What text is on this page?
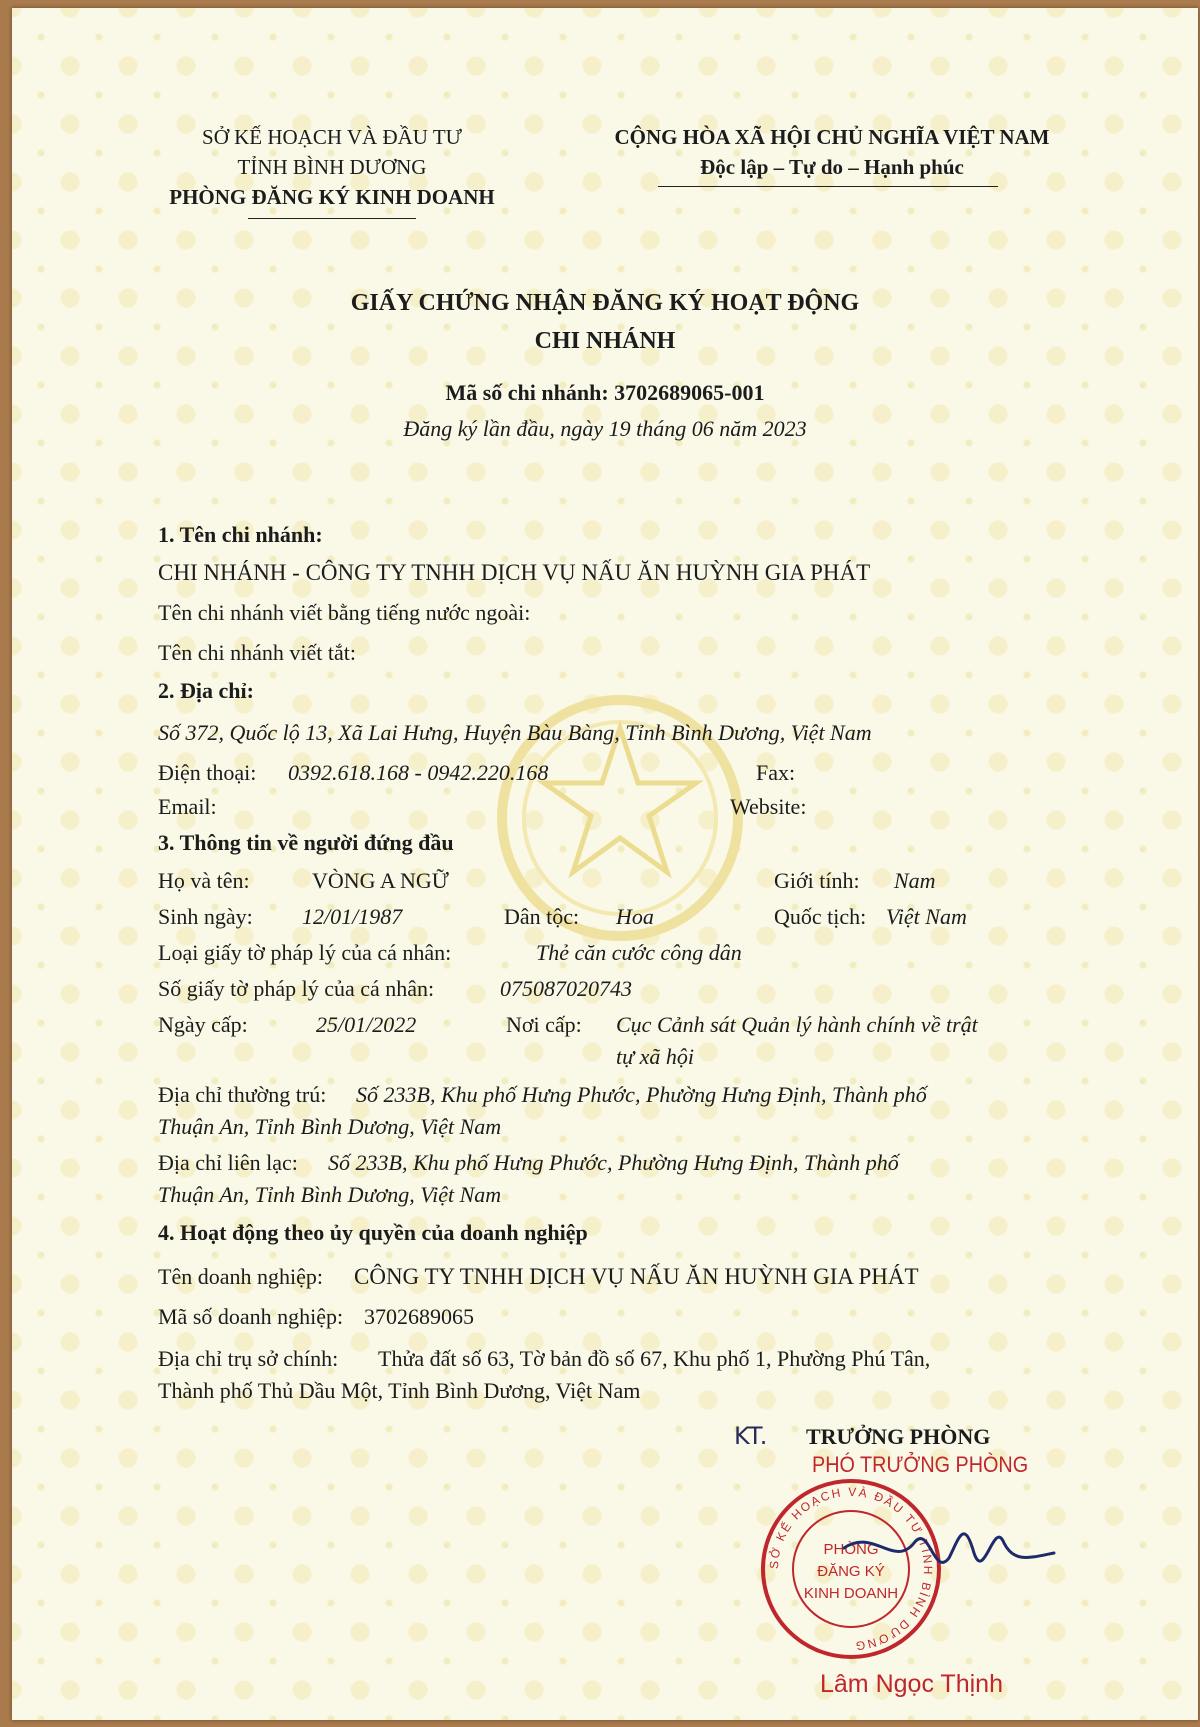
SỞ KẾ HOẠCH VÀ ĐẦU TƯ
TỈNH BÌNH DƯƠNG
PHÒNG ĐĂNG KÝ KINH DOANH
CỘNG HÒA XÃ HỘI CHỦ NGHĨA VIỆT NAM
Độc lập – Tự do – Hạnh phúc
GIẤY CHỨNG NHẬN ĐĂNG KÝ HOẠT ĐỘNG
CHI NHÁNH
Mã số chi nhánh: 3702689065-001
Đăng ký lần đầu, ngày 19 tháng 06 năm 2023
1. Tên chi nhánh:
CHI NHÁNH - CÔNG TY TNHH DỊCH VỤ NẤU ĂN HUỲNH GIA PHÁT
Tên chi nhánh viết bằng tiếng nước ngoài:
Tên chi nhánh viết tắt:
2. Địa chỉ:
Số 372, Quốc lộ 13, Xã Lai Hưng, Huyện Bàu Bàng, Tỉnh Bình Dương, Việt Nam
Điện thoại: 0392.618.168 - 0942.220.168	Fax:
Email:	Website:
3. Thông tin về người đứng đầu
Họ và tên:	VÒNG A NGỮ	Giới tính: Nam
Sinh ngày: 12/01/1987	Dân tộc: Hoa	Quốc tịch: Việt Nam
Loại giấy tờ pháp lý của cá nhân:	Thẻ căn cước công dân
Số giấy tờ pháp lý của cá nhân:	075087020743
Ngày cấp:	25/01/2022	Nơi cấp: Cục Cảnh sát Quản lý hành chính về trật
tự xã hội
Địa chỉ thường trú: Số 233B, Khu phố Hưng Phước, Phường Hưng Định, Thành phố
Thuận An, Tỉnh Bình Dương, Việt Nam
Địa chỉ liên lạc: Số 233B, Khu phố Hưng Phước, Phường Hưng Định, Thành phố
Thuận An, Tỉnh Bình Dương, Việt Nam
4. Hoạt động theo ủy quyền của doanh nghiệp
Tên doanh nghiệp: CÔNG TY TNHH DỊCH VỤ NẤU ĂN HUỲNH GIA PHÁT
Mã số doanh nghiệp: 3702689065
Địa chỉ trụ sở chính: Thửa đất số 63, Tờ bản đồ số 67, Khu phố 1, Phường Phú Tân,
Thành phố Thủ Dầu Một, Tỉnh Bình Dương, Việt Nam
KT. TRƯỞNG PHÒNG
PHÓ TRƯỞNG PHÒNG
SỞ KẾ HOẠCH VÀ ĐẦU TƯ TỈNH BÌNH DƯƠNG
PHÒNG
ĐĂNG KÝ
KINH DOANH
Lâm Ngọc Thịnh
